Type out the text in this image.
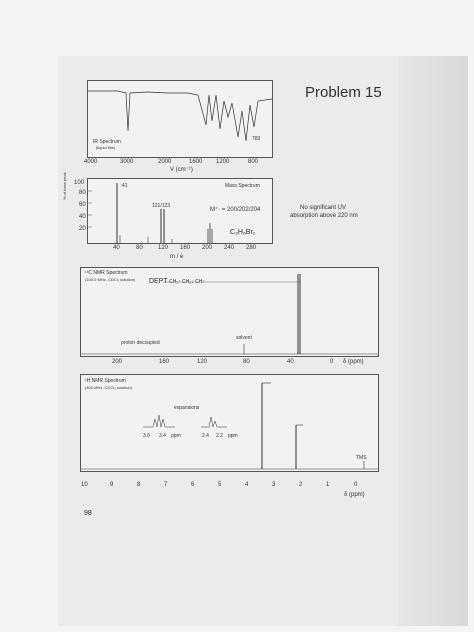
Problem 15
IR Spectrum
(liquid film)
783
4000	3000	2000	1600 1200	800
V (cm⁻¹)
41
121/123
Mass Spectrum
M⁺· = 200/202/204
C₃H₆Br₂
100
80
60
40
20
% of base peak
40	80	120 160 200 240 280
m / e
No significant UV
absorption above 220 nm
¹³C NMR Spectrum
(100.0 MHz, CDCl₃ solution) DEPT CH₂↑ CH₂↓ CH↑
solvent
proton decoupled
200	160	120	80	40	0 δ (ppm)
¹H NMR Spectrum
(400 MHz, CDCl₃ solution)
expansions
3.6 3.4 ppm	2.4 2.2 ppm
TMS
10	9	8	7	6	5	4	3	2	1	0
δ (ppm)
98
